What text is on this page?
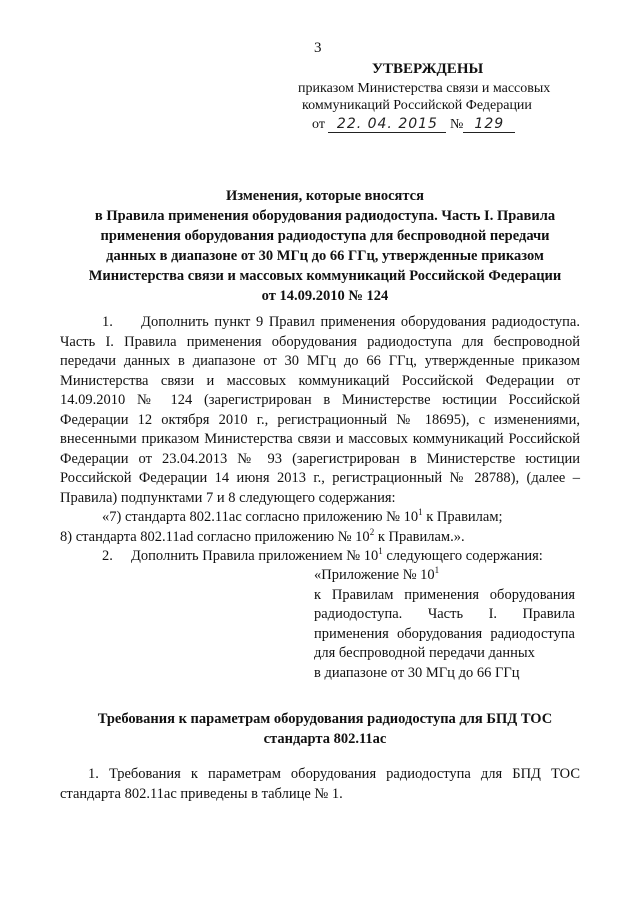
3
УТВЕРЖДЕНЫ
приказом Министерства связи и массовых
коммуникаций Российской Федерации
от 22. 04. 2015 № 129
Изменения, которые вносятся
в Правила применения оборудования радиодоступа. Часть I. Правила
применения оборудования радиодоступа для беспроводной передачи
данных в диапазоне от 30 МГц до 66 ГГц, утвержденные приказом
Министерства связи и массовых коммуникаций Российской Федерации
от 14.09.2010 № 124

1.     Дополнить пункт 9 Правил применения оборудования радиодоступа. Часть I. Правила применения оборудования радиодоступа для беспроводной передачи данных в диапазоне от 30 МГц до 66 ГГц, утвержденные приказом Министерства связи и массовых коммуникаций Российской Федерации от 14.09.2010 № 124 (зарегистрирован в Министерстве юстиции Российской Федерации 12 октября 2010 г., регистрационный № 18695), с изменениями, внесенными приказом Министерства связи и массовых коммуникаций Российской Федерации от 23.04.2013 № 93 (зарегистрирован в Министерстве юстиции Российской Федерации 14 июня 2013 г., регистрационный № 28788), (далее – Правила) подпунктами 7 и 8 следующего содержания:

«7) стандарта 802.11ас согласно приложению № $10^1$ к Правилам;

8) стандарта 802.11ad согласно приложению № $10^2$ к Правилам.».

2.     Дополнить Правила приложением № $10^1$ следующего содержания:

«Приложение № $10^1$
к Правилам применения оборудования радиодоступа. Часть I. Правила применения оборудования радиодоступа для беспроводной передачи данных
в диапазоне от 30 МГц до 66 ГГц
Требования к параметрам оборудования радиодоступа для БПД ТОС
стандарта 802.11ас

1. Требования к параметрам оборудования радиодоступа для БПД ТОС стандарта 802.11ас приведены в таблице № 1.
